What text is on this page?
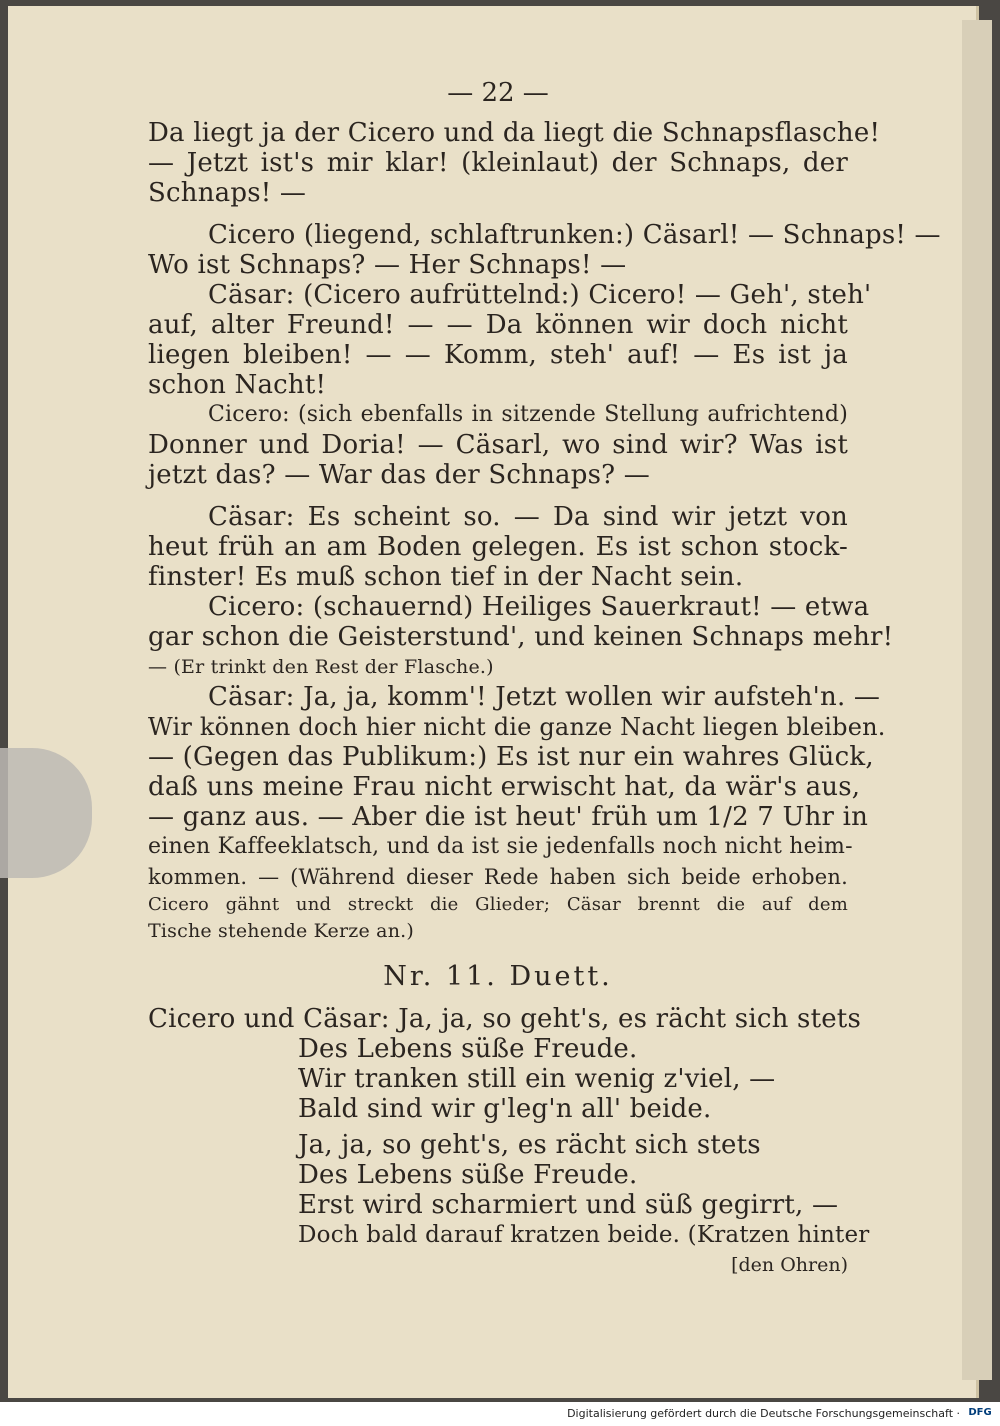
— 22 —
Da liegt ja der Cicero und da liegt die Schnapsflasche!
— Jetzt ist's mir klar! (kleinlaut) der Schnaps, der
Schnaps! —
Cicero (liegend, schlaftrunken:) Cäsarl! — Schnaps! —
Wo ist Schnaps? — Her Schnaps! —
Cäsar: (Cicero aufrüttelnd:) Cicero! — Geh', steh'
auf, alter Freund! — — Da können wir doch nicht
liegen bleiben! — — Komm, steh' auf! — Es ist ja
schon Nacht!
Cicero: (sich ebenfalls in sitzende Stellung aufrichtend)
Donner und Doria! — Cäsarl, wo sind wir? Was ist
jetzt das? — War das der Schnaps? —
Cäsar: Es scheint so. — Da sind wir jetzt von
heut früh an am Boden gelegen. Es ist schon stock-
finster! Es muß schon tief in der Nacht sein.
Cicero: (schauernd) Heiliges Sauerkraut! — etwa
gar schon die Geisterstund', und keinen Schnaps mehr!
— (Er trinkt den Rest der Flasche.)
Cäsar: Ja, ja, komm'! Jetzt wollen wir aufsteh'n. —
Wir können doch hier nicht die ganze Nacht liegen bleiben.
— (Gegen das Publikum:) Es ist nur ein wahres Glück,
daß uns meine Frau nicht erwischt hat, da wär's aus,
— ganz aus. — Aber die ist heut' früh um 1/2 7 Uhr in
einen Kaffeeklatsch, und da ist sie jedenfalls noch nicht heim-
kommen. — (Während dieser Rede haben sich beide erhoben.
Cicero gähnt und streckt die Glieder; Cäsar brennt die auf dem
Tische stehende Kerze an.)
Nr. 11. Duett.
Cicero und Cäsar: Ja, ja, so geht's, es rächt sich stets
Des Lebens süße Freude.
Wir tranken still ein wenig z'viel, —
Bald sind wir g'leg'n all' beide.
Ja, ja, so geht's, es rächt sich stets
Des Lebens süße Freude.
Erst wird scharmiert und süß gegirrt, —
Doch bald darauf kratzen beide. (Kratzen hinter
[den Ohren)
Digitalisierung gefördert durch die Deutsche Forschungsgemeinschaft · DFG
